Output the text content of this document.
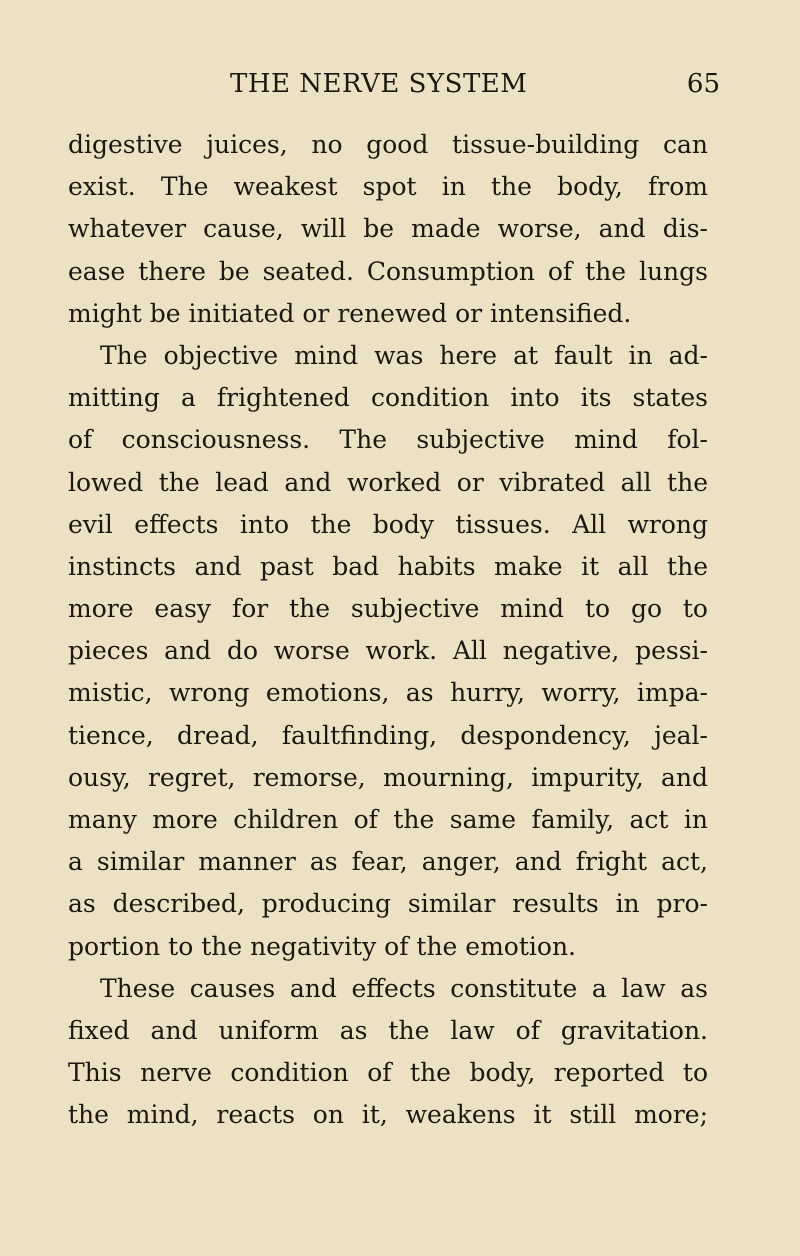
THE NERVE SYSTEM	65
digestive juices, no good tissue-building can
exist. The weakest spot in the body, from
whatever cause, will be made worse, and dis-
ease there be seated. Consumption of the lungs
might be initiated or renewed or intensified.
The objective mind was here at fault in ad-
mitting a frightened condition into its states
of consciousness. The subjective mind fol-
lowed the lead and worked or vibrated all the
evil effects into the body tissues. All wrong
instincts and past bad habits make it all the
more easy for the subjective mind to go to
pieces and do worse work. All negative, pessi-
mistic, wrong emotions, as hurry, worry, impa-
tience, dread, faultfinding, despondency, jeal-
ousy, regret, remorse, mourning, impurity, and
many more children of the same family, act in
a similar manner as fear, anger, and fright act,
as described, producing similar results in pro-
portion to the negativity of the emotion.
These causes and effects constitute a law as
fixed and uniform as the law of gravitation.
This nerve condition of the body, reported to
the mind, reacts on it, weakens it still more;
